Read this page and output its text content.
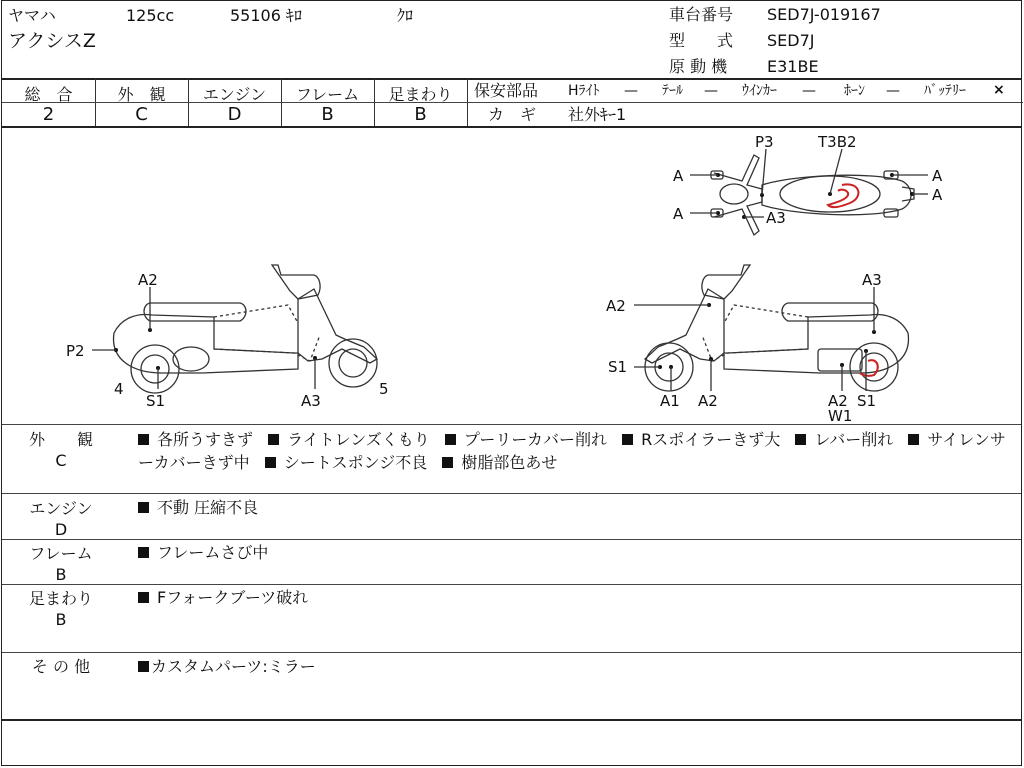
ヤマハ	125cc	55106 ｷﾛ	ｸﾛ
アクシスZ
車台番号 SED7J-019167
型　　式 SED7J
原 動 機 E31BE
総　合	外　観	エンジン	フレーム	足まわり
2	C	D	B	B
保安部品 Hﾗｲﾄ — ﾃｰﾙ — ｳｲﾝｶｰ — ﾎｰﾝ — ﾊﾞｯﾃﾘｰ ×
カ　ギ 社外ｷｰ1
P3	T3B2
A
A
A
A
A3
A2
P2
4
S1	A3
5
A2
A3
S1
A1 A2	A2 S1
W1
外　　観
C
各所うすきず ライトレンズくもり プーリーカバー削れ Rスポイラーきず大 レバー削れ サイレンサーカバーきず中 シートスポンジ不良 樹脂部色あせ
エンジン
D
不動 圧縮不良
フレーム
B
フレームさび中
足まわり
B
Fフォークブーツ破れ
そ の 他	カスタムパーツ:ミラー
